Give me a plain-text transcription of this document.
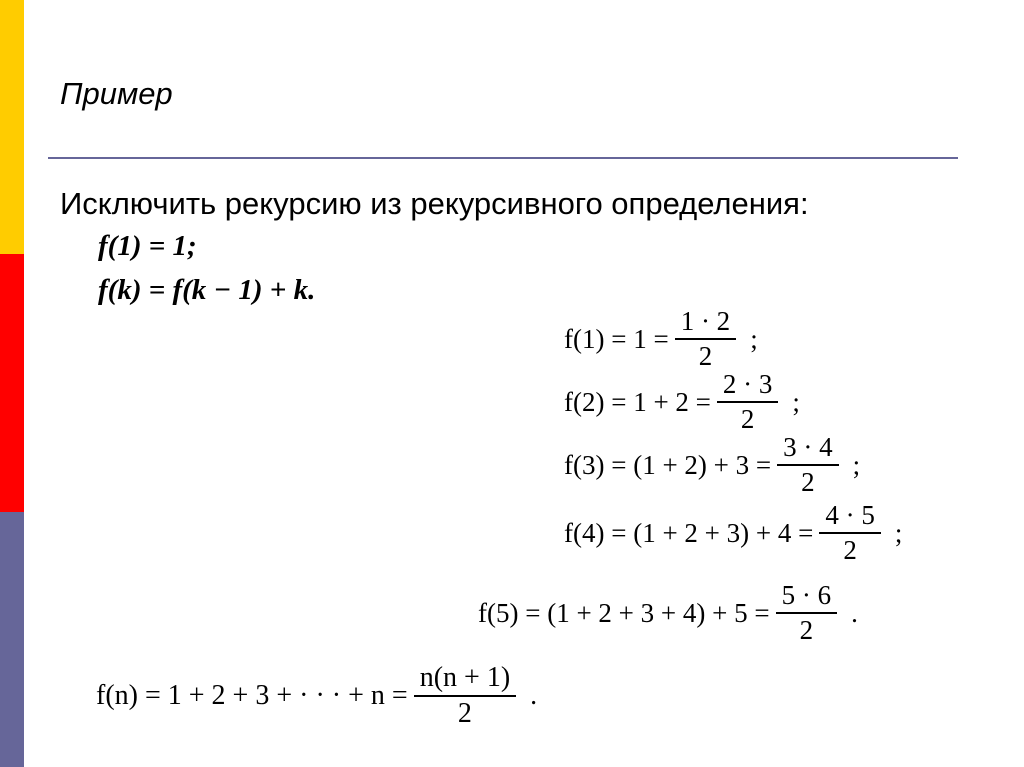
Пример
Исключить рекурсию из рекурсивного определения:
f(1) = 1;
f(k) = f(k − 1) + k.
$f(1) = 1 = \frac{1 \cdot 2}{2}$ ;
$f(2) = 1 + 2 = \frac{2 \cdot 3}{2}$ ;
$f(3) = (1 + 2) + 3 = \frac{3 \cdot 4}{2}$ ;
$f(4) = (1 + 2 + 3) + 4 = \frac{4 \cdot 5}{2}$ ;
$f(5) = (1 + 2 + 3 + 4) + 5 = \frac{5 \cdot 6}{2}$ .
f(n) = 1 + 2 + 3 + · · · + $n = \frac{n(n + 1)}{2}$ .
